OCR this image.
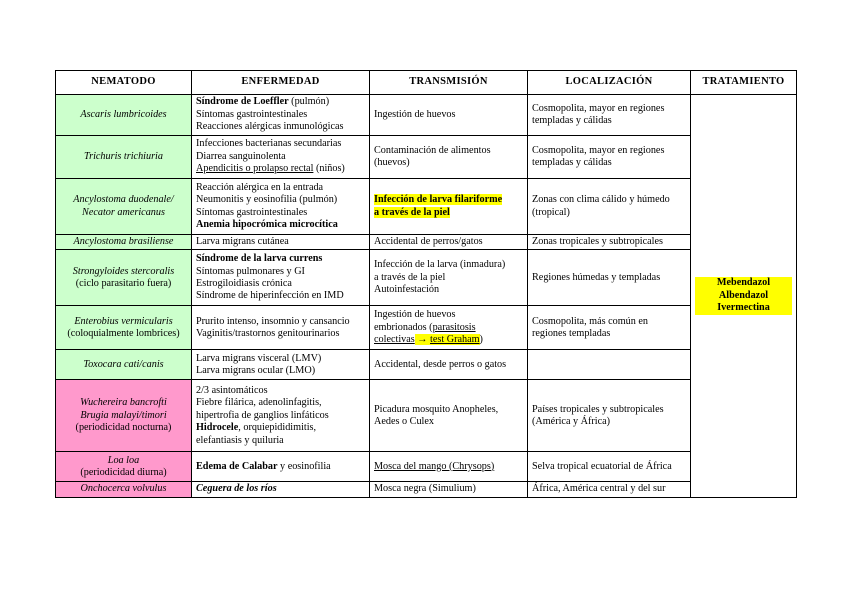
NEMATODO	ENFERMEDAD	TRANSMISIÓN	LOCALIZACIÓN	TRATAMIENTO

Ascaris lumbricoides	Síndrome de Loeffler (pulmón)
Síntomas gastrointestinales
Reacciones alérgicas inmunológicas	Ingestión de huevos	Cosmopolita, mayor en regiones
templadas y cálidas	Mebendazol Albendazol Ivermectina

Trichuris trichiuria	Infecciones bacterianas secundarias
Diarrea sanguinolenta
Apendicitis o prolapso rectal (niños)	Contaminación de alimentos
(huevos)	Cosmopolita, mayor en regiones
templadas y cálidas	

Ancylostoma duodenale/
Necator americanus	Reacción alérgica en la entrada
Neumonitis y eosinofilia (pulmón)
Síntomas gastrointestinales
Anemia hipocrómica microcítica	Infección de larva filariforme
a través de la piel	Zonas con clima cálido y húmedo
(tropical)	

Ancylostoma brasiliense	Larva migrans cutánea	Accidental de perros/gatos	Zonas tropicales y subtropicales	

Strongyloides stercoralis
(ciclo parasitario fuera)	Síndrome de la larva currens
Síntomas pulmonares y GI
Estrogiloidiasis crónica
Síndrome de hiperinfección en IMD	Infección de la larva (inmadura)
a través de la piel
Autoinfestación	Regiones húmedas y templadas	

Enterobius vermicularis
(coloquialmente lombrices)	Prurito intenso, insomnio y cansancio
Vaginitis/trastornos genitourinarios	Ingestión de huevos
embrionados (parasitosis
colectivas → test Graham)	Cosmopolita, más común en
regiones templadas	

Toxocara cati/canis	Larva migrans visceral (LMV)
Larva migrans ocular (LMO)	Accidental, desde perros o gatos		

Wuchereira bancrofti
Brugia malayi/timori
(periodicidad nocturna)	2/3 asintomáticos
Fiebre filárica, adenolinfagitis,
hipertrofia de ganglios linfáticos
Hidrocele, orquiepididimitis,
elefantiasis y quiluria	Picadura mosquito Anopheles,
Aedes o Culex	Países tropicales y subtropicales
(América y África)	

Loa loa
(periodicidad diurna)	Edema de Calabar y eosinofilia	Mosca del mango (Chrysops)	Selva tropical ecuatorial de África	

Onchocerca volvulus	Ceguera de los ríos	Mosca negra (Simulium)	África, América central y del sur	
